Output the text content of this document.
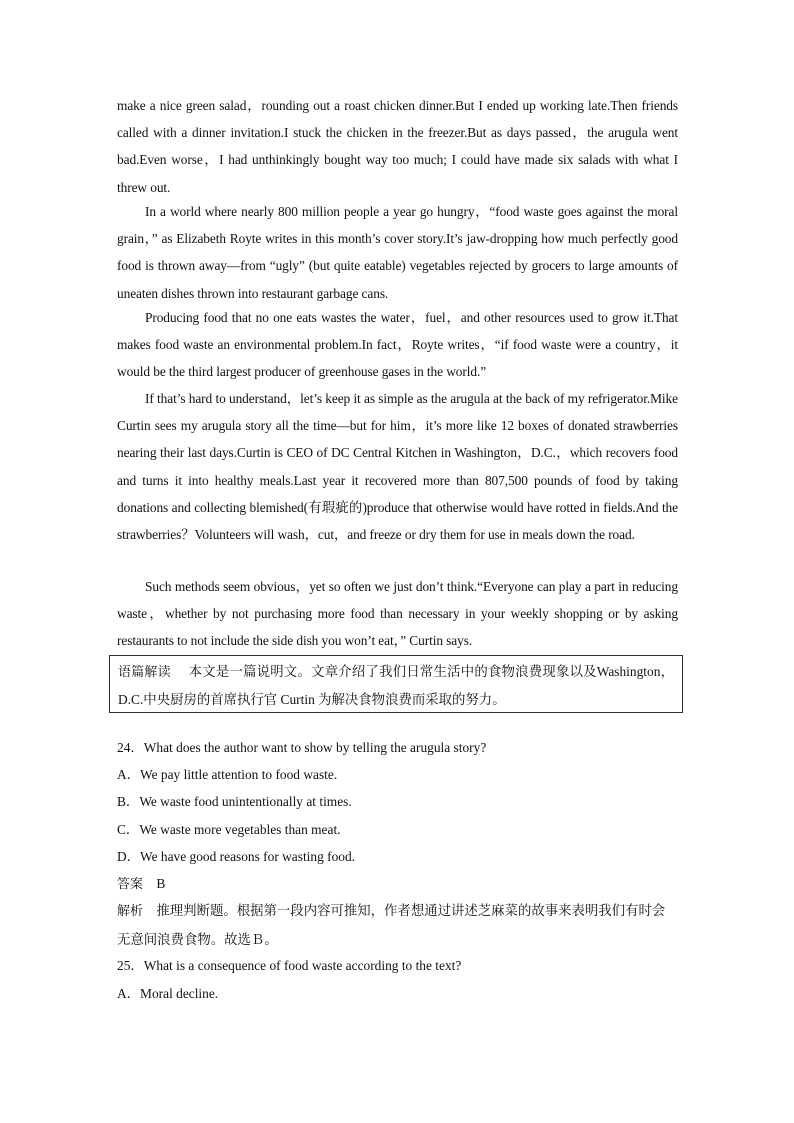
make a nice green salad，rounding out a roast chicken dinner.But I ended up working late.Then friends called with a dinner invitation.I stuck the chicken in the freezer.But as days passed，the arugula went bad.Even worse，I had unthinkingly bought way too much; I could have made six salads with what I threw out.
In a world where nearly 800 million people a year go hungry，“food waste goes against the moral grain，” as Elizabeth Royte writes in this month’s cover story.It’s jaw-dropping how much perfectly good food is thrown away—from “ugly” (but quite eatable) vegetables rejected by grocers to large amounts of uneaten dishes thrown into restaurant garbage cans.
Producing food that no one eats wastes the water，fuel，and other resources used to grow it.That makes food waste an environmental problem.In fact，Royte writes，“if food waste were a country，it would be the third largest producer of greenhouse gases in the world.”
If that’s hard to understand，let’s keep it as simple as the arugula at the back of my refrigerator.Mike Curtin sees my arugula story all the time—but for him，it’s more like 12 boxes of donated strawberries nearing their last days.Curtin is CEO of DC Central Kitchen in Washington，D.C.，which recovers food and turns it into healthy meals.Last year it recovered more than 807,500 pounds of food by taking donations and collecting blemished(有瑕疵的)produce that otherwise would have rotted in fields.And the strawberries？Volunteers will wash，cut，and freeze or dry them for use in meals down the road.
Such methods seem obvious，yet so often we just don’t think.“Everyone can play a part in reducing waste，whether by not purchasing more food than necessary in your weekly shopping or by asking restaurants to not include the side dish you won’t eat，” Curtin says.
语篇解读 本文是一篇说明文。文章介绍了我们日常生活中的食物浪费现象以及Washington，D.C.中央厨房的首席执行官 Curtin 为解决食物浪费而采取的努力。
24．What does the author want to show by telling the arugula story?
A．We pay little attention to food waste.
B．We waste food unintentionally at times.
C．We waste more vegetables than meat.
D．We have good reasons for wasting food.
答案 B
解析 推理判断题。根据第一段内容可推知，作者想通过讲述芝麻菜的故事来表明我们有时会无意间浪费食物。故选Ｂ。
25．What is a consequence of food waste according to the text?
A．Moral decline.
